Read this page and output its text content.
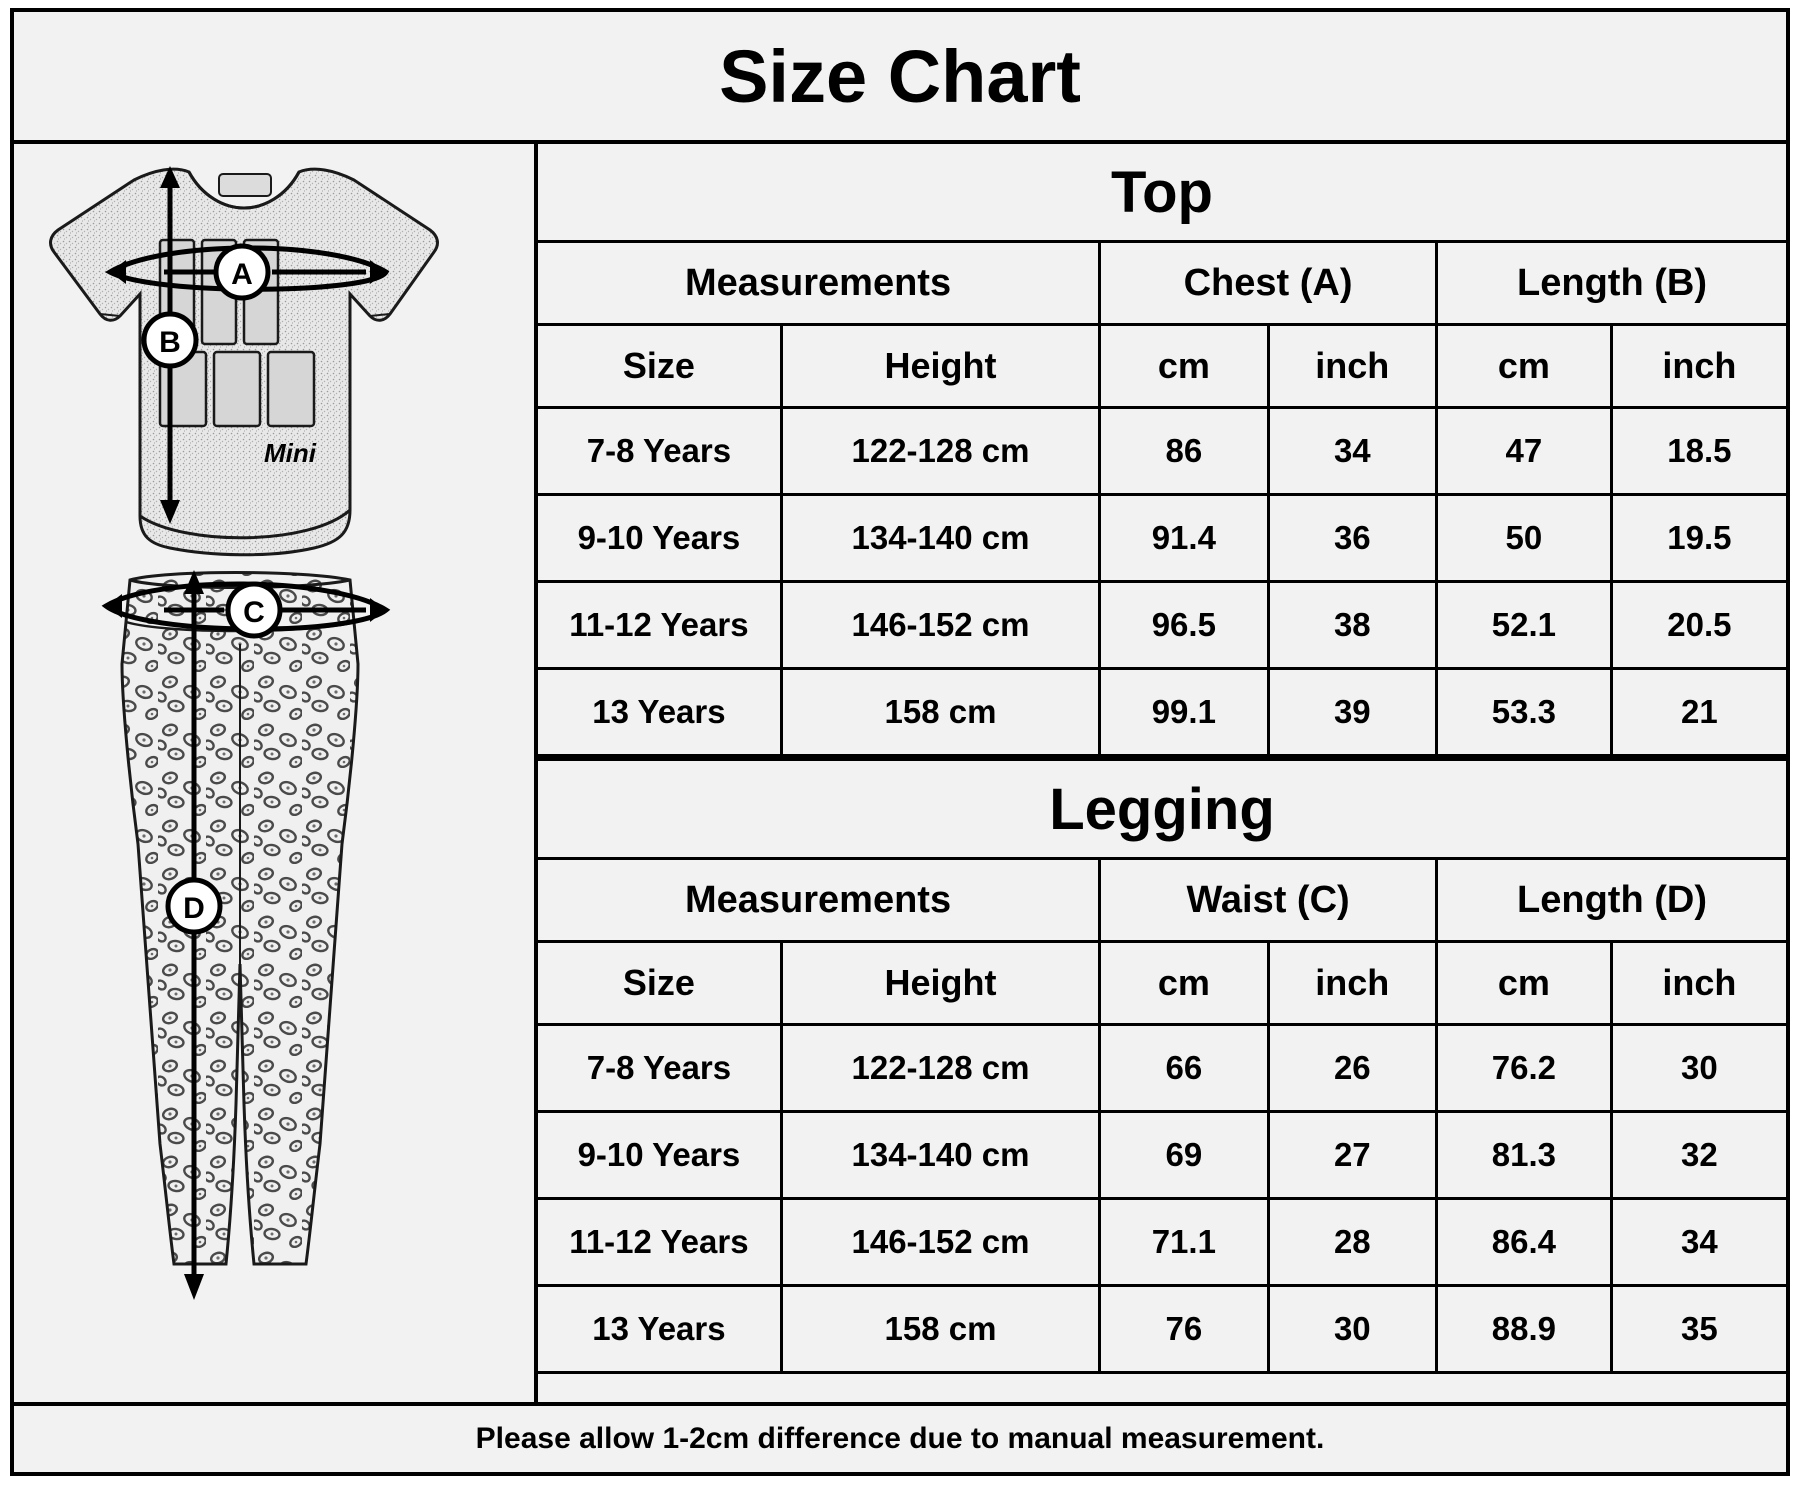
Size Chart
Mini
A
B
C
D
Top
Measurements		Chest (A)		Length (B)	
Size	Height	cm	inch	cm	inch
7-8 Years	122-128 cm	86	34	47	18.5
9-10 Years	134-140 cm	91.4	36	50	19.5
11-12 Years	146-152 cm	96.5	38	52.1	20.5
13 Years	158 cm	99.1	39	53.3	21
Legging
Measurements		Waist (C)		Length (D)	
Size	Height	cm	inch	cm	inch
7-8 Years	122-128 cm	66	26	76.2	30
9-10 Years	134-140 cm	69	27	81.3	32
11-12 Years	146-152 cm	71.1	28	86.4	34
13 Years	158 cm	76	30	88.9	35
Please allow 1-2cm difference due to manual measurement.
